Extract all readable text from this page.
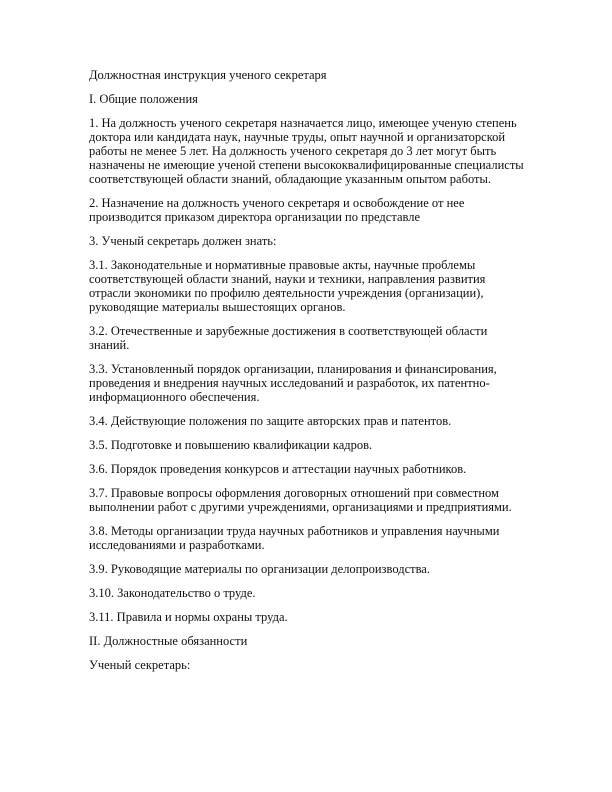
Должностная инструкция ученого секретаря

I. Общие положения

1. На должность ученого секретаря назначается лицо, имеющее ученую степень доктора или кандидата наук, научные труды, опыт научной и организаторской работы не менее 5 лет. На должность ученого секретаря до 3 лет могут быть назначены не имеющие ученой степени высококвалифицированные специалисты соответствующей области знаний, обладающие указанным опытом работы.

2. Назначение на должность ученого секретаря и освобождение от нее производится приказом директора организации по представле

3. Ученый секретарь должен знать:

3.1. Законодательные и нормативные правовые акты, научные проблемы соответствующей области знаний, науки и техники, направления развития отрасли экономики по профилю деятельности учреждения (организации), руководящие материалы вышестоящих органов.

3.2. Отечественные и зарубежные достижения в соответствующей области знаний.

3.3. Установленный порядок организации, планирования и финансирования, проведения и внедрения научных исследований и разработок, их патентно-информационного обеспечения.

3.4. Действующие положения по защите авторских прав и патентов.

3.5. Подготовке и повышению квалификации кадров.

3.6. Порядок проведения конкурсов и аттестации научных работников.

3.7. Правовые вопросы оформления договорных отношений при совместном выполнении работ с другими учреждениями, организациями и предприятиями.

3.8. Методы организации труда научных работников и управления научными исследованиями и разработками.

3.9. Руководящие материалы по организации делопроизводства.

3.10. Законодательство о труде.

3.11. Правила и нормы охраны труда.

II. Должностные обязанности

Ученый секретарь:
